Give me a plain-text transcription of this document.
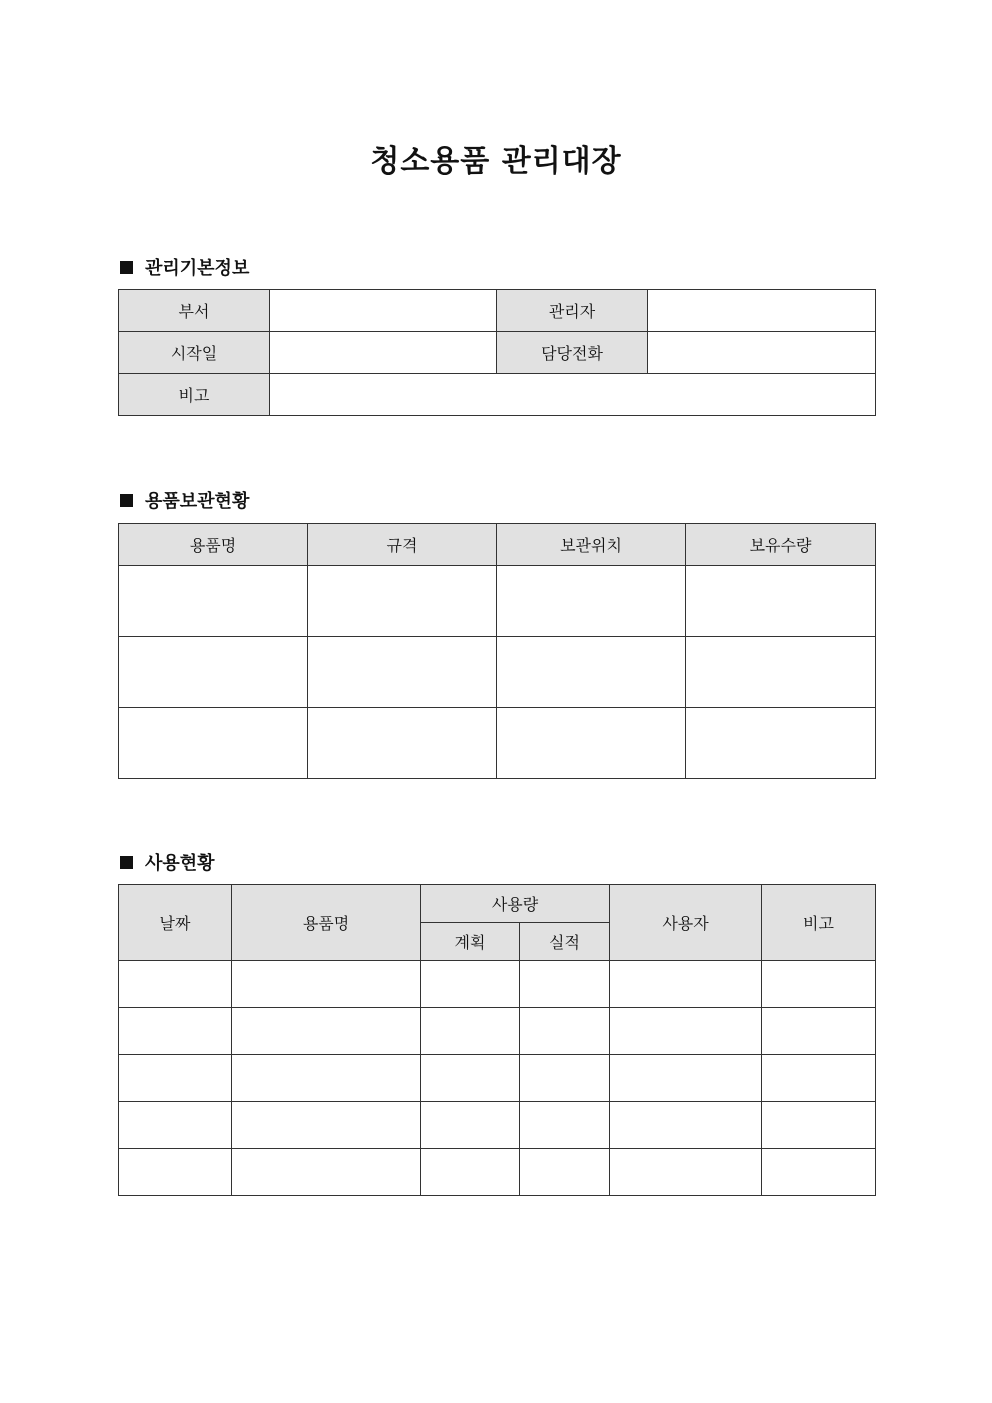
청소용품 관리대장
관리기본정보
부서		관리자	
시작일		담당전화	
비고			
용품보관현황
용품명	규격	보관위치	보유수량

사용현황
날짜	용품명	사용량		사용자	비고
		계획	실적		
